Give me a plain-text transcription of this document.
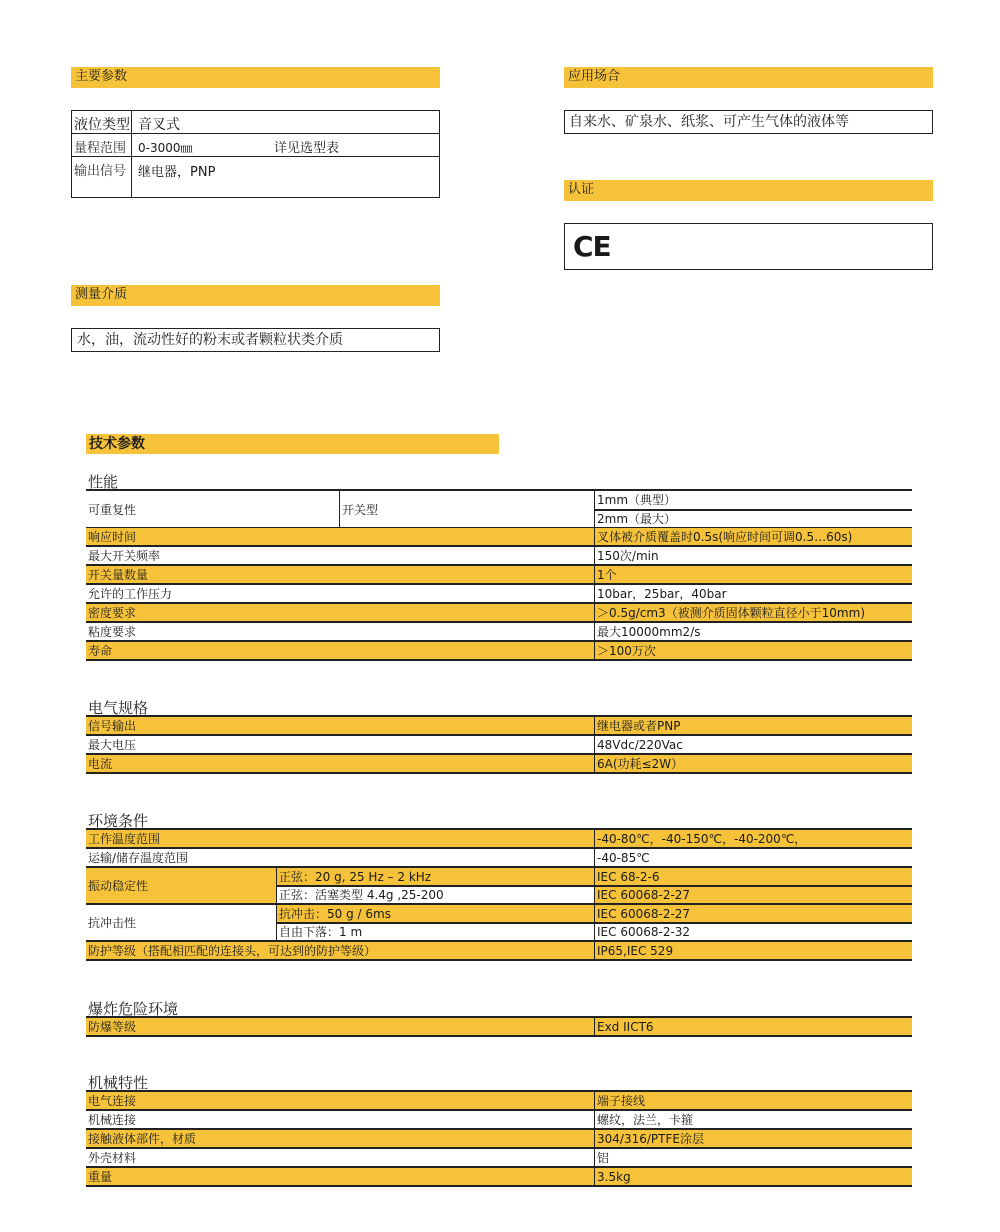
主要参数
液位类型 音叉式
量程范围 0-3000㎜	详见选型表
输出信号 继电器，PNP
测量介质
水，油，流动性好的粉末或者颗粒状类介质
应用场合
自来水、矿泉水、纸浆、可产生气体的液体等
认证
CE
技术参数
性能
可重复性	开关型
1mm（典型）
2mm（最大）
响应时间	叉体被介质覆盖时0.5s(响应时间可调0.5…60s)
最大开关频率	150次/min
开关量数量	1个
允许的工作压力	10bar，25bar，40bar
密度要求	＞0.5g/cm3（被测介质固体颗粒直径小于10mm)
粘度要求	最大10000mm2/s
寿命	＞100万次
电气规格
信号输出	继电器或者PNP
最大电压	48Vdc/220Vac
电流	6A(功耗≤2W）
环境条件
工作温度范围	-40-80℃，-40-150℃，-40-200℃，
运输/储存温度范围	-40-85℃
振动稳定性
正弦：20 g, 25 Hz – 2 kHz	IEC 68-2-6
正弦：活塞类型 4.4g ,25-200	IEC 60068-2-27
抗冲击性
抗冲击：50 g / 6ms	IEC 60068-2-27
自由下落：1 m	IEC 60068-2-32
防护等级（搭配相匹配的连接头，可达到的防护等级）	IP65,IEC 529
爆炸危险环境
防爆等级	Exd IICT6
机械特性
电气连接	端子接线
机械连接	螺纹，法兰，卡箍
接触液体部件，材质	304/316/PTFE涂层
外壳材料	铝
重量	3.5kg
